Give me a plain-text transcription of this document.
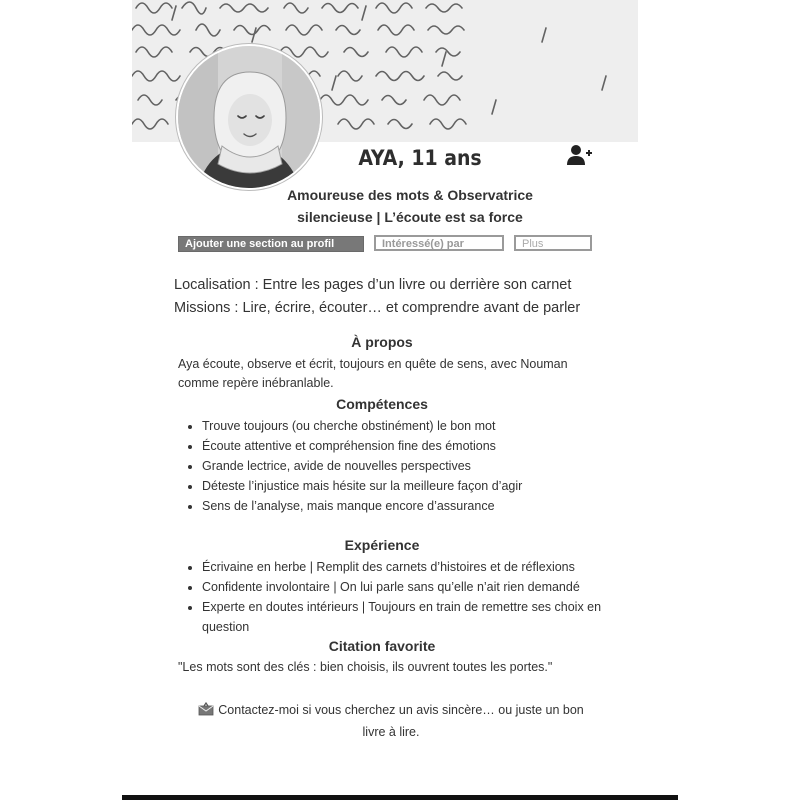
AYA, 11 ans
Amoureuse des mots & Observatrice
silencieuse | L’écoute est sa force
Ajouter une section au profil	Intéressé(e) par	Plus
Localisation : Entre les pages d’un livre ou derrière son carnet
Missions : Lire, écrire, écouter… et comprendre avant de parler
À propos
Aya écoute, observe et écrit, toujours en quête de sens, avec Nouman comme repère inébranlable.
Compétences
• Trouve toujours (ou cherche obstinément) le bon mot
• Écoute attentive et compréhension fine des émotions
• Grande lectrice, avide de nouvelles perspectives
• Déteste l’injustice mais hésite sur la meilleure façon d’agir
• Sens de l’analyse, mais manque encore d’assurance
Expérience
• Écrivaine en herbe | Remplit des carnets d’histoires et de réflexions
• Confidente involontaire | On lui parle sans qu’elle n’ait rien demandé
• Experte en doutes intérieurs | Toujours en train de remettre ses choix en question
Citation favorite
"Les mots sont des clés : bien choisis, ils ouvrent toutes les portes."
Contactez-moi si vous cherchez un avis sincère… ou juste un bon livre à lire.
